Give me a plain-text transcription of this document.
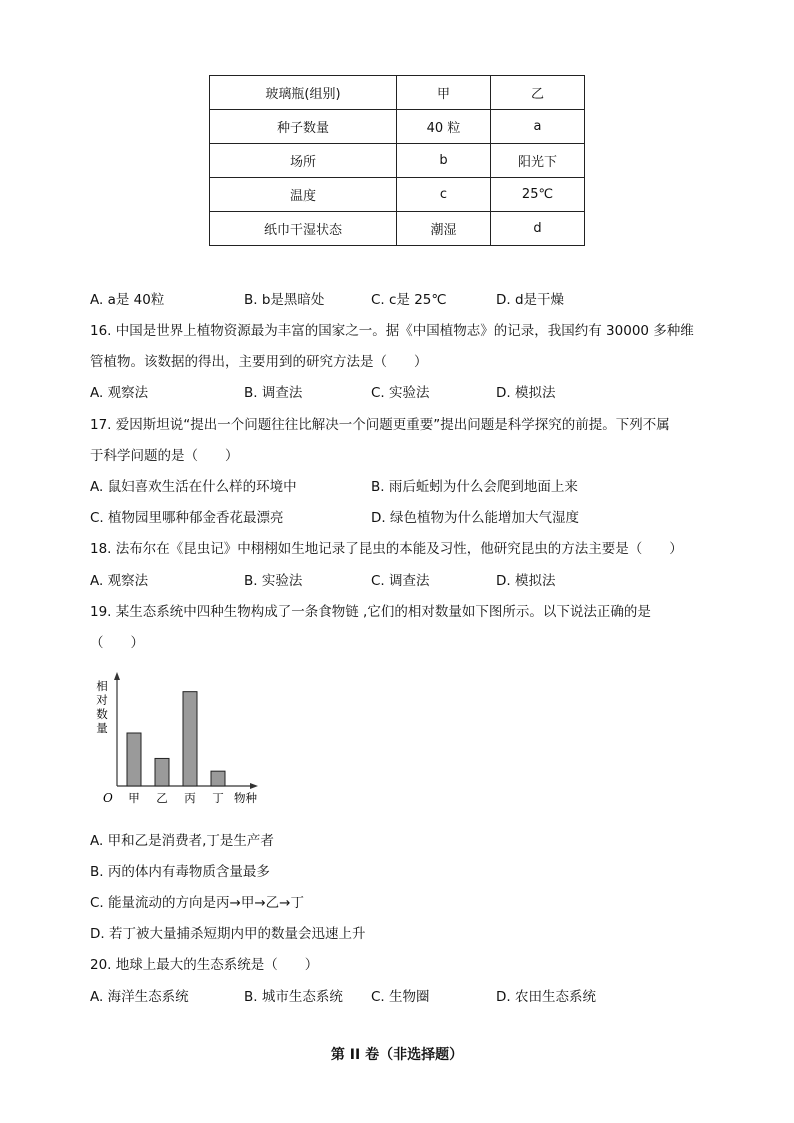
玻璃瓶(组别)	甲	乙
种子数量	40 粒	a
场所	b	阳光下
温度	c	25℃
纸巾干湿状态	潮湿	d
A. a是 40粒	B. b是黑暗处	C. c是 25℃	D. d是干燥
16. 中国是世界上植物资源最为丰富的国家之一。据《中国植物志》的记录，我国约有 30000 多种维
管植物。该数据的得出，主要用到的研究方法是（　　）
A. 观察法	B. 调查法	C. 实验法	D. 模拟法
17. 爱因斯坦说“提出一个问题往往比解决一个问题更重要”提出问题是科学探究的前提。下列不属
于科学问题的是（　　）
A. 鼠妇喜欢生活在什么样的环境中	B. 雨后蚯蚓为什么会爬到地面上来
C. 植物园里哪种郁金香花最漂亮	D. 绿色植物为什么能增加大气湿度
18. 法布尔在《昆虫记》中栩栩如生地记录了昆虫的本能及习性，他研究昆虫的方法主要是（　　）
A. 观察法	B. 实验法	C. 调查法	D. 模拟法
19. 某生态系统中四种生物构成了一条食物链 ,它们的相对数量如下图所示。以下说法正确的是
（　　）
相
对
数
量
O 甲 乙 丙 丁 物种
A. 甲和乙是消费者,丁是生产者
B. 丙的体内有毒物质含量最多
C. 能量流动的方向是丙→甲→乙→丁
D. 若丁被大量捕杀短期内甲的数量会迅速上升
20. 地球上最大的生态系统是（　　）
A. 海洋生态系统	B. 城市生态系统 C. 生物圈	D. 农田生态系统
第 II 卷（非选择题）
